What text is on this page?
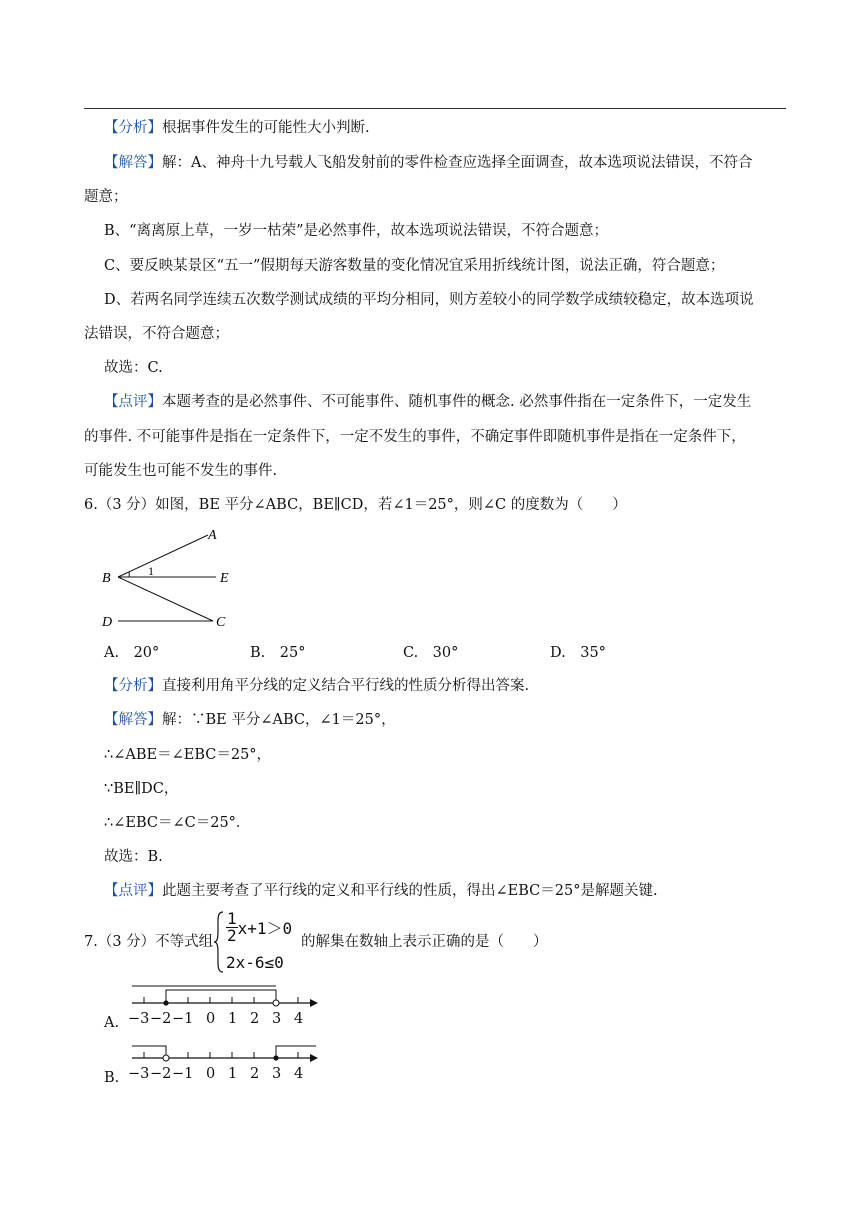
【分析】根据事件发生的可能性大小判断.
【解答】解：A、神舟十九号载人飞船发射前的零件检查应选择全面调查，故本选项说法错误，不符合
题意；
B、“离离原上草，一岁一枯荣”是必然事件，故本选项说法错误，不符合题意；
C、要反映某景区“五一”假期每天游客数量的变化情况宜采用折线统计图，说法正确，符合题意；
D、若两名同学连续五次数学测试成绩的平均分相同，则方差较小的同学数学成绩较稳定，故本选项说
法错误，不符合题意；
故选：C.
【点评】本题考查的是必然事件、不可能事件、随机事件的概念. 必然事件指在一定条件下，一定发生
的事件. 不可能事件是指在一定条件下，一定不发生的事件，不确定事件即随机事件是指在一定条件下，
可能发生也可能不发生的事件.
6.（3 分）如图，BE 平分∠ABC，BE∥CD，若∠1＝25°，则∠C 的度数为（　　）
A
B	E
D	C
1
A.　20°	B.　25°	C.　30°	D.　35°
【分析】直接利用角平分线的定义结合平行线的性质分析得出答案.
【解答】解：∵BE 平分∠ABC，∠1＝25°，
∴∠ABE＝∠EBC＝25°，
∵BE∥DC，
∴∠EBC＝∠C＝25°．
故选：B.
【点评】此题主要考查了平行线的定义和平行线的性质，得出∠EBC＝25°是解题关键.
7.（3 分）不等式组 $\frac{1}{2} x+1>0$
2x-6≤0
的解集在数轴上表示正确的是（　　）
A. −3 −2 −1 0 1 2 3 4
B. −3 −2 −1 0 1 2 3 4
